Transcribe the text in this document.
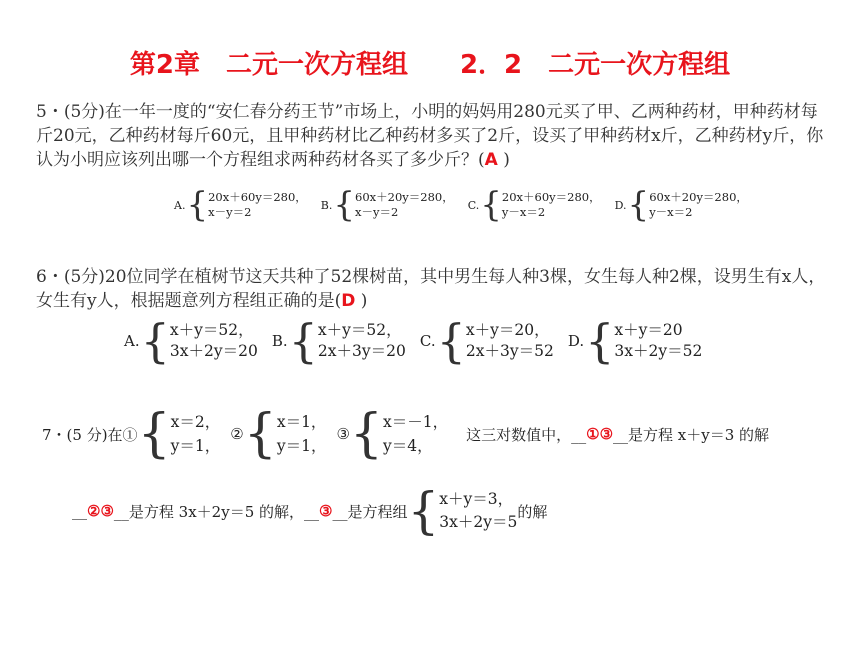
第2章　二元一次方程组　　2．2　二元一次方程组
5・(5分)在一年一度的“安仁春分药王节”市场上，小明的妈妈用280元买了甲、乙两种药材，甲种药材每斤20元，乙种药材每斤60元，且甲种药材比乙种药材多买了2斤，设买了甲种药材x斤，乙种药材y斤，你认为小明应该列出哪一个方程组求两种药材各买了多少斤？(A )
A. { 20x＋60y＝280，
x－y＝2	B. { 60x＋20y＝280，
x－y＝2	C. { 20x＋60y＝280，
y－x＝2	D. { 60x＋20y＝280，
y－x＝2
6・(5分)20位同学在植树节这天共种了52棵树苗，其中男生每人种3棵，女生每人种2棵，设男生有x人，女生有y人，根据题意列方程组正确的是(D )
A. { x＋y＝52，
3x＋2y＝20
B. { x＋y＝52，
2x＋3y＝20
C. { x＋y＝20，
2x＋3y＝52
D. { x＋y＝20
3x＋2y＝52
7・(5 分)在① { x＝2，
y＝1，
② { x＝1，
y＝1，
③ { x＝－1，
y＝4，
这三对数值中，__ ①③ __是方程 x＋y＝3 的解
__ ②③ __是方程 3x＋2y＝5 的解，__ ③ __是方程组 { x＋y＝3，
3x＋2y＝5
的解
